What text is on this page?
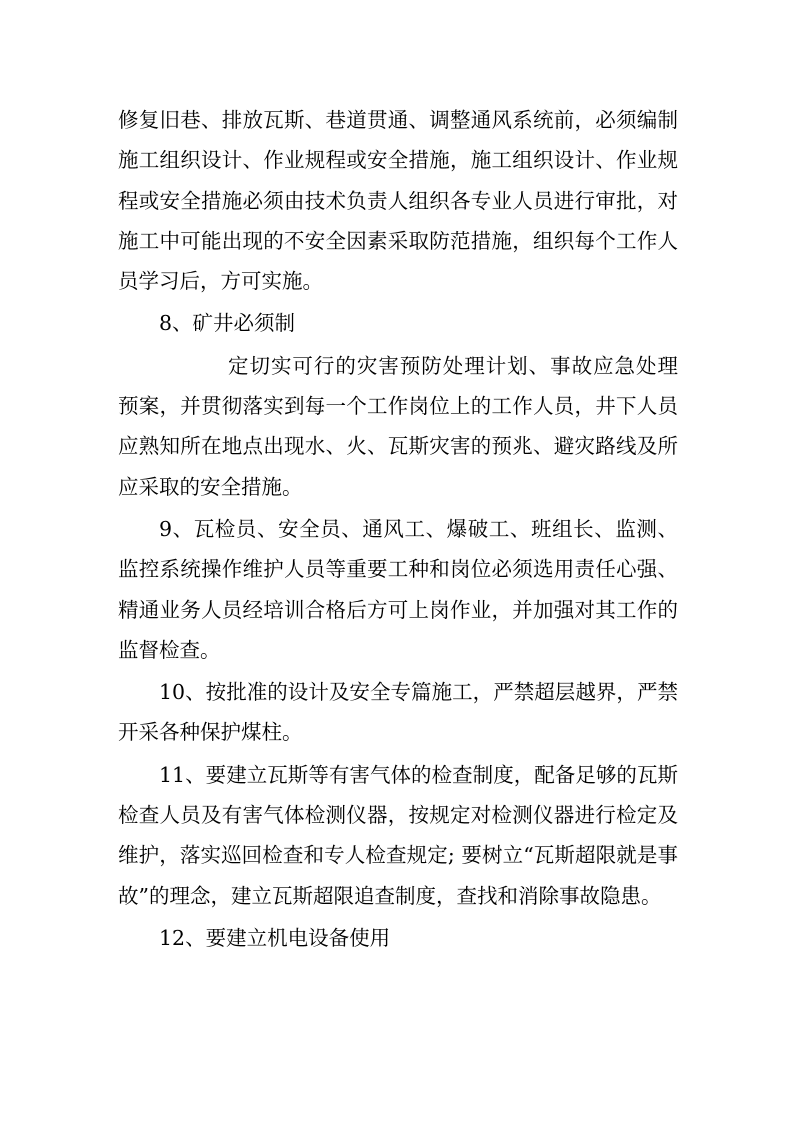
修复旧巷、排放瓦斯、巷道贯通、调整通风系统前，必须编制施工组织设计、作业规程或安全措施，施工组织设计、作业规程或安全措施必须由技术负责人组织各专业人员进行审批，对施工中可能出现的不安全因素采取防范措施，组织每个工作人员学习后，方可实施。

8、矿井必须制

定切实可行的灾害预防处理计划、事故应急处理预案，并贯彻落实到每一个工作岗位上的工作人员，井下人员应熟知所在地点出现水、火、瓦斯灾害的预兆、避灾路线及所应采取的安全措施。

9、瓦检员、安全员、通风工、爆破工、班组长、监测、监控系统操作维护人员等重要工种和岗位必须选用责任心强、精通业务人员经培训合格后方可上岗作业，并加强对其工作的监督检查。

10、按批准的设计及安全专篇施工，严禁超层越界，严禁开采各种保护煤柱。

11、要建立瓦斯等有害气体的检查制度，配备足够的瓦斯检查人员及有害气体检测仪器，按规定对检测仪器进行检定及维护，落实巡回检查和专人检查规定; 要树立“瓦斯超限就是事故”的理念，建立瓦斯超限追查制度，查找和消除事故隐患。

12、要建立机电设备使用
